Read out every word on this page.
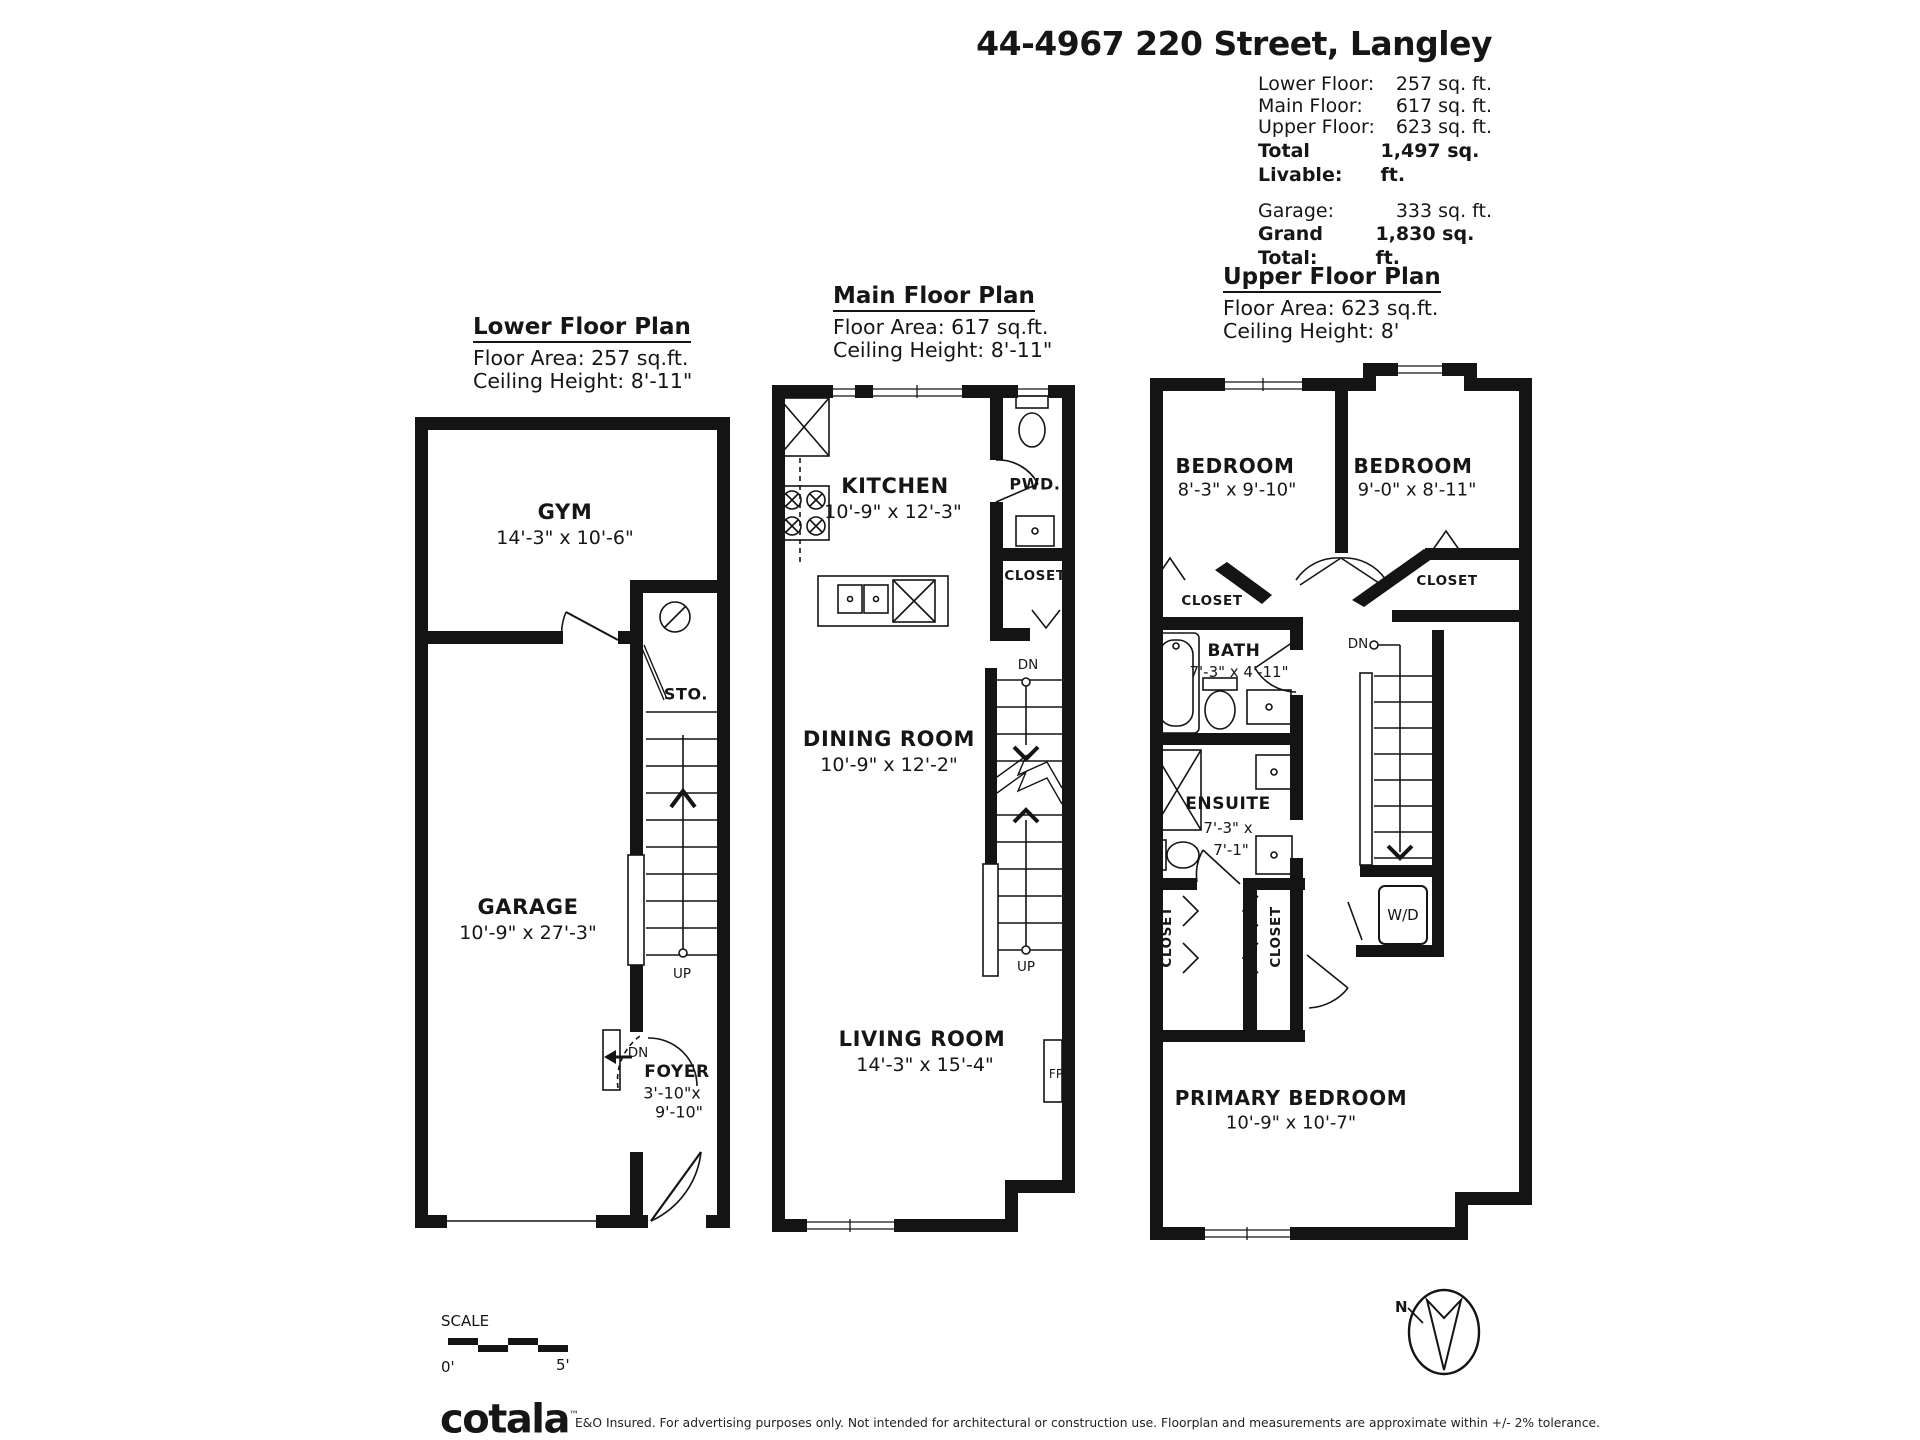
44-4967 220 Street, Langley
Lower Floor: 257 sq. ft.
Main Floor: 617 sq. ft.
Upper Floor: 623 sq. ft.
Total Livable:
1,497 sq. ft.
Garage:	333 sq. ft.
Grand Total:
1,830 sq. ft.
Lower Floor Plan
Floor Area: 257 sq.ft.
Ceiling Height: 8'-11"
Main Floor Plan
Floor Area: 617 sq.ft.
Ceiling Height: 8'-11"
Upper Floor Plan
Floor Area: 623 sq.ft.
Ceiling Height: 8'
GYM
14'-3" x 10'-6"
STO.
GARAGE
10'-9" x 27'-3"
FOYER
3'-10"x
9'-10"
UP
DN
KITCHEN
10'-9" x 12'-3"
PWD.
CLOSET
DINING ROOM
10'-9" x 12'-2"
DN
UP
LIVING ROOM
14'-3" x 15'-4"	FP
BEDROOM
8'-3" x 9'-10"
BEDROOM
9'-0" x 8'-11"
CLOSET
CLOSET
BATH
7'-3" x 4'-11"
DN
ENSUITE
7'-3" x
7'-1"
W/D
CLOSET	CLOSET
PRIMARY BEDROOM
10'-9" x 10'-7"
SCALE
0'	5'
N
cotala™
E&O Insured. For advertising purposes only. Not intended for architectural or construction use. Floorplan and measurements are approximate within +/- 2% tolerance.
